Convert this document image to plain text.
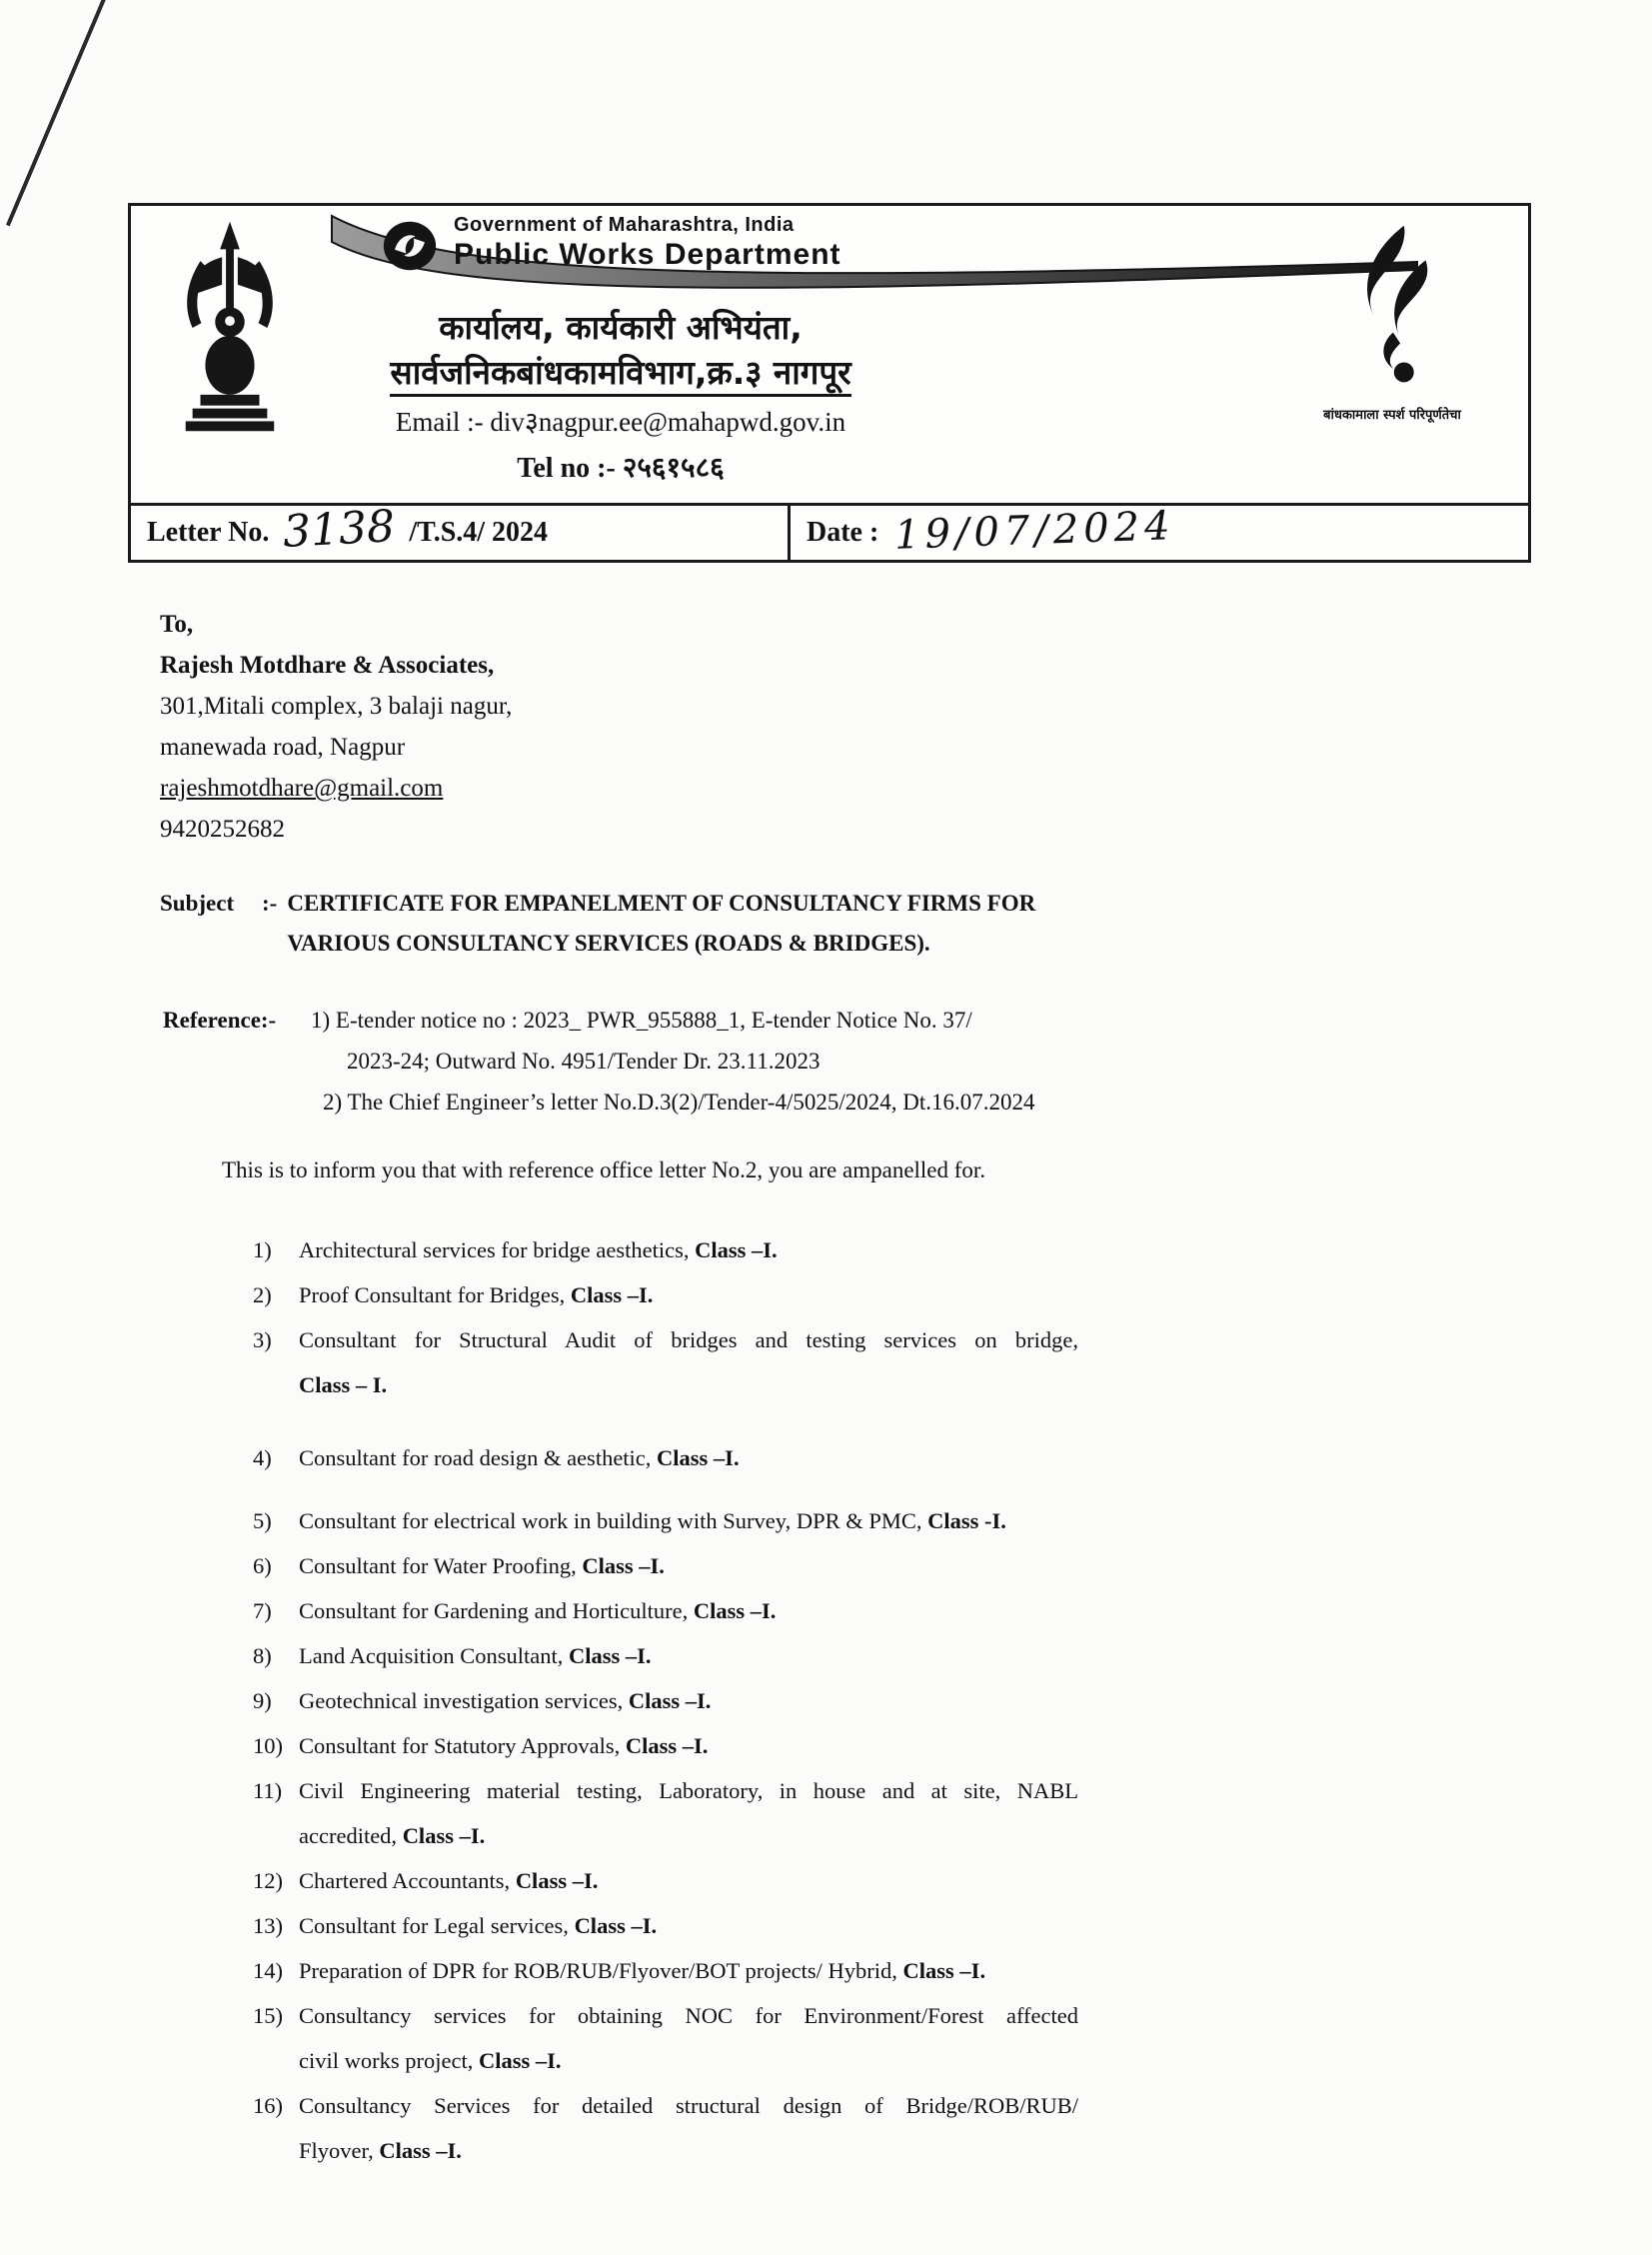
Government of Maharashtra, India
Public Works Department
कार्यालय, कार्यकारी अभियंता,
सार्वजनिकबांधकामविभाग,क्र.३ नागपूर
Email :- div३nagpur.ee@mahapwd.gov.in
Tel no :- २५६१५८६
बांधकामाला स्पर्श परिपूर्णतेचा
Letter No. 3138 /T.S.4/ 2024	Date : 19/07/2024
To,
Rajesh Motdhare & Associates,
301,Mitali complex, 3 balaji nagur,
manewada road, Nagpur
rajeshmotdhare@gmail.com
9420252682
Subject	:- CERTIFICATE FOR EMPANELMENT OF CONSULTANCY FIRMS FOR
VARIOUS CONSULTANCY SERVICES (ROADS & BRIDGES).
Reference:-	1) E-tender notice no : 2023_ PWR_955888_1, E-tender Notice No. 37/
2023-24; Outward No. 4951/Tender Dr. 23.11.2023
2) The Chief Engineer’s letter No.D.3(2)/Tender-4/5025/2024, Dt.16.07.2024
This is to inform you that with reference office letter No.2, you are ampanelled for.
1)	Architectural services for bridge aesthetics, Class –I.
2)	Proof Consultant for Bridges, Class –I.
3)	Consultant for Structural Audit of bridges and testing services on bridge,
Class – I.
4)	Consultant for road design & aesthetic, Class –I.
5)	Consultant for electrical work in building with Survey, DPR & PMC, Class -I.
6)	Consultant for Water Proofing, Class –I.
7)	Consultant for Gardening and Horticulture, Class –I.
8)	Land Acquisition Consultant, Class –I.
9)	Geotechnical investigation services, Class –I.
10) Consultant for Statutory Approvals, Class –I.
11) Civil Engineering material testing, Laboratory, in house and at site, NABL
accredited, Class –I.
12) Chartered Accountants, Class –I.
13) Consultant for Legal services, Class –I.
14) Preparation of DPR for ROB/RUB/Flyover/BOT projects/ Hybrid, Class –I.
15) Consultancy services for obtaining NOC for Environment/Forest affected
civil works project, Class –I.
16) Consultancy Services for detailed structural design of Bridge/ROB/RUB/
Flyover, Class –I.
